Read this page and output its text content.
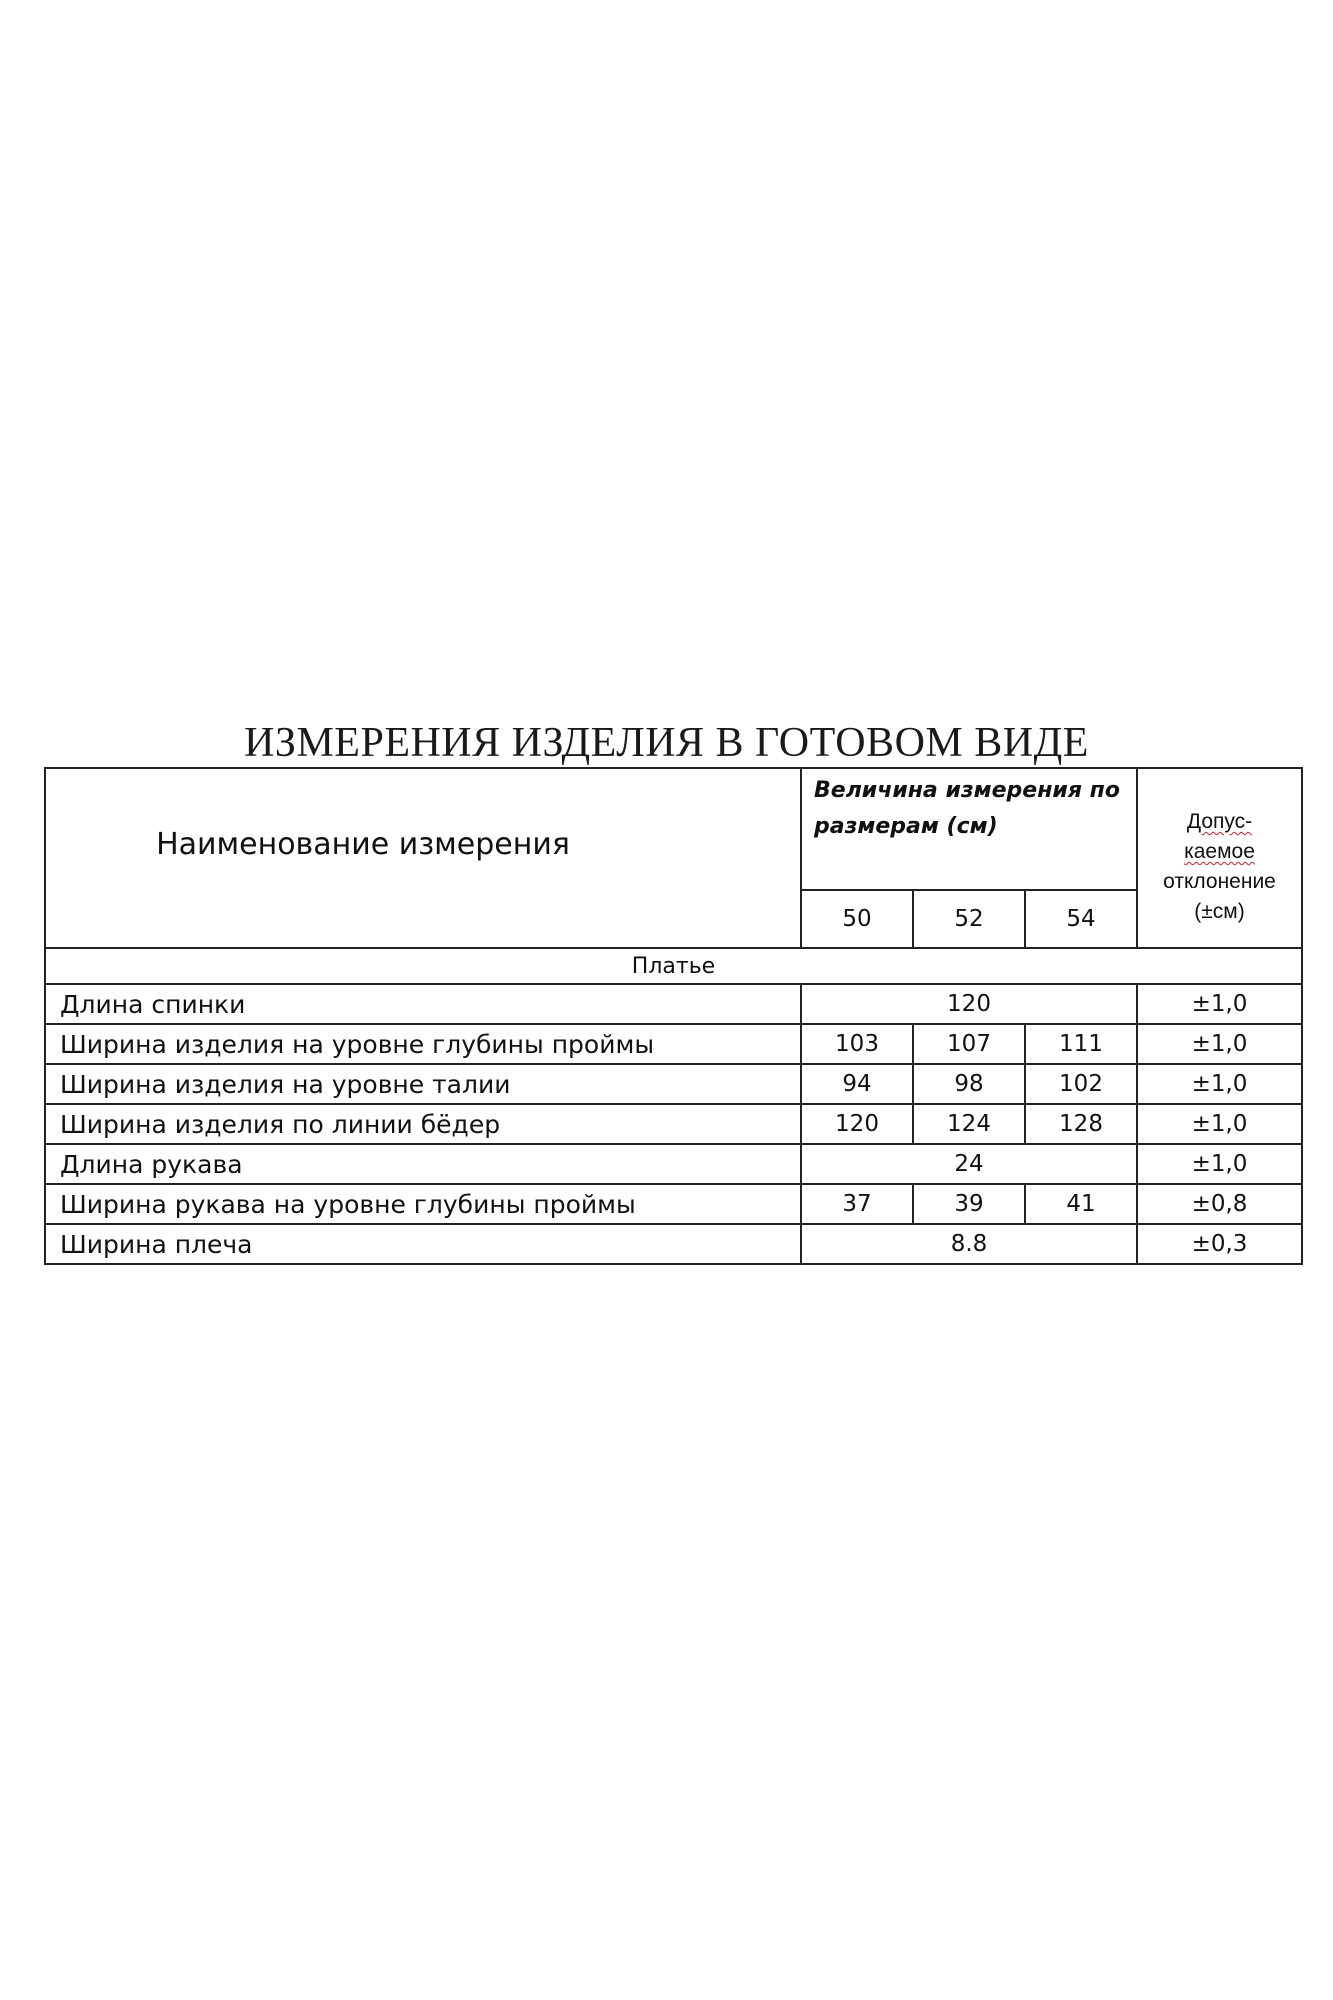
ИЗМЕРЕНИЯ ИЗДЕЛИЯ В ГОТОВОМ ВИДЕ
Наименование измерения	Величина измерения по размерам (см)			Допус-
каемое
отклонение
(±см)

	50	52	54	
Платье				
Длина спинки	120			±1,0
Ширина изделия на уровне глубины проймы	103	107	111	±1,0
Ширина изделия на уровне талии	94	98	102	±1,0
Ширина изделия по линии бёдер	120	124	128	±1,0
Длина рукава	24			±1,0
Ширина рукава на уровне глубины проймы	37	39	41	±0,8
Ширина плеча	8.8			±0,3
